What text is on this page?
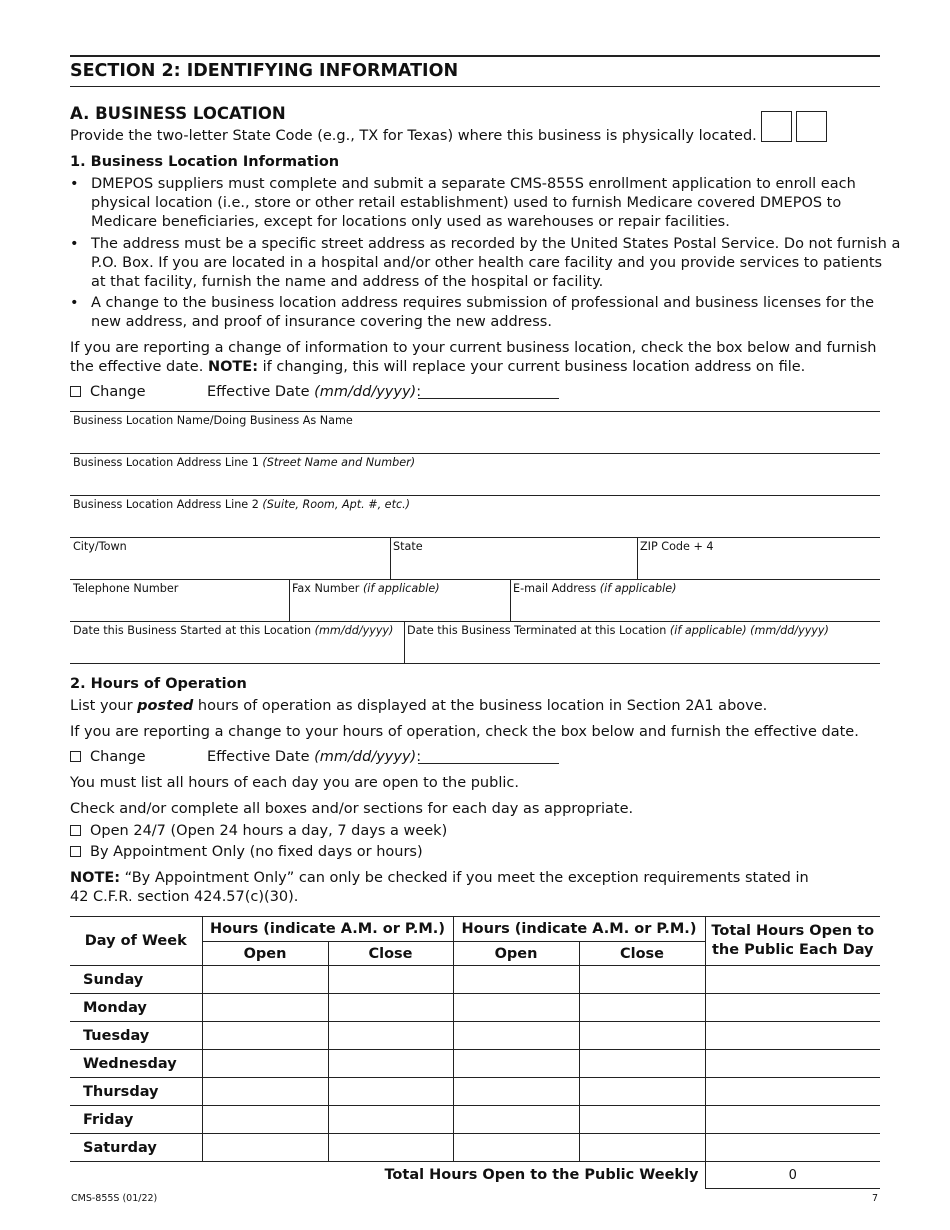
SECTION 2: IDENTIFYING INFORMATION
A. BUSINESS LOCATION
Provide the two-letter State Code (e.g., TX for Texas) where this business is physically located.
1. Business Location Information
• DMEPOS suppliers must complete and submit a separate CMS-855S enrollment application to enroll each
physical location (i.e., store or other retail establishment) used to furnish Medicare covered DMEPOS to
Medicare beneficiaries, except for locations only used as warehouses or repair facilities.
• The address must be a specific street address as recorded by the United States Postal Service. Do not furnish a
P.O. Box. If you are located in a hospital and/or other health care facility and you provide services to patients
at that facility, furnish the name and address of the hospital or facility.
• A change to the business location address requires submission of professional and business licenses for the
new address, and proof of insurance covering the new address.
If you are reporting a change of information to your current business location, check the box below and furnish
the effective date. NOTE: if changing, this will replace your current business location address on file.
Change	Effective Date (mm/dd/yyyy):
Business Location Name/Doing Business As Name
Business Location Address Line 1 (Street Name and Number)
Business Location Address Line 2 (Suite, Room, Apt. #, etc.)
City/Town	State	ZIP Code + 4
Telephone Number	Fax Number (if applicable)	E-mail Address (if applicable)
Date this Business Started at this Location (mm/dd/yyyy) Date this Business Terminated at this Location (if applicable) (mm/dd/yyyy)
2. Hours of Operation
List your posted hours of operation as displayed at the business location in Section 2A1 above.
If you are reporting a change to your hours of operation, check the box below and furnish the effective date.
Change	Effective Date (mm/dd/yyyy):
You must list all hours of each day you are open to the public.
Check and/or complete all boxes and/or sections for each day as appropriate.
Open 24/7 (Open 24 hours a day, 7 days a week)
By Appointment Only (no fixed days or hours)
NOTE: “By Appointment Only” can only be checked if you meet the exception requirements stated in
42 C.F.R. section 424.57(c)(30).
Day of Week	Hours (indicate A.M. or P.M.)		Hours (indicate A.M. or P.M.)		Total Hours Open to
the Public Each Day
	Open	Close	Open	Close	
Sunday					
Monday					
Tuesday					
Wednesday					
Thursday					
Friday					
Saturday					
Total Hours Open to the Public Weekly					0
CMS-855S (01/22)	7
